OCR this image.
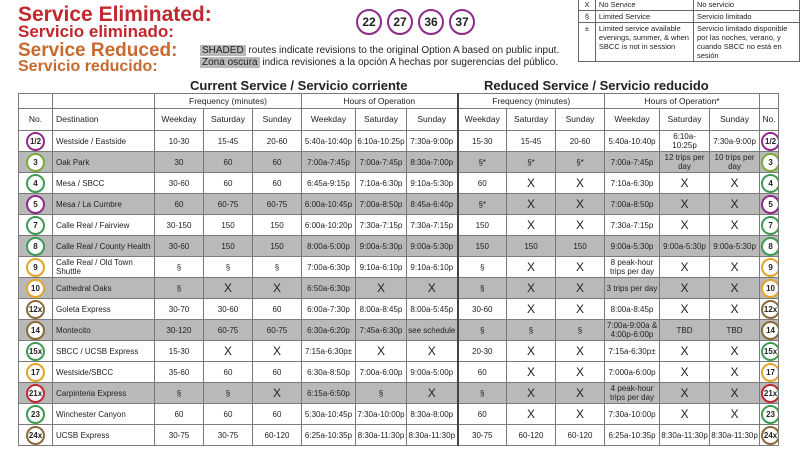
Service Eliminated:
Servicio eliminado:
Service Reduced:
Servicio reducido:
22	27	36	37
SHADED routes indicate revisions to the original Option A based on public input.
Zona oscura indica revisiones a la opción A hechas por sugerencias del público.
X	No Service	No servicio
§	Limited Service	Servicio limitado
±	Limited service available evenings, summer, & when SBCC is not in session	Servicio limitado disponible por las noches, verano, y cuando SBCC no está en sesión
Current Service / Servicio corriente	Reduced Service / Servicio reducido
		Frequency (minutes)			Hours of Operation			Frequency (minutes)			Hours of Operation*			
No.	Destination	Weekday	Saturday	Sunday	Weekday	Saturday	Sunday	Weekday	Saturday	Sunday	Weekday	Saturday	Sunday	No.
1/2	Westside / Eastside	10-30	15-45	20-60	5:40a-10:40p	6:10a-10:25p	7:30a-9:00p	15-30	15-45	20-60	5:40a-10:40p	6:10a-10:25p	7:30a-9:00p	1/2
3	Oak Park	30	60	60	7:00a-7:45p	7:00a-7:45p	8:30a-7:00p	§*	§*	§*	7:00a-7:45p	12 trips per day	10 trips per day	3
4	Mesa / SBCC	30-60	60	60	6:45a-9:15p	7:10a-6:30p	9:10a-5:30p	60	X	X	7:10a-6:30p	X	X	4
5	Mesa / La Cumbre	60	60-75	60-75	6:00a-10:45p	7:00a-8:50p	8:45a-6:40p	§*	X	X	7:00a-8:50p	X	X	5
7	Calle Real / Fairview	30-150	150	150	6:00a-10:20p	7:30a-7:15p	7:30a-7:15p	150	X	X	7:30a-7:15p	X	X	7
8	Calle Real / County Health	30-60	150	150	8:00a-5:00p	9:00a-5:30p	9:00a-5:30p	150	150	150	9:00a-5:30p	9:00a-5:30p	9:00a-5:30p	8
9	Calle Real / Old Town Shuttle	§	§	§	7:00a-6:30p	9:10a-6:10p	9:10a-6:10p	§	X	X	8 peak-hour trips per day	X	X	9
10	Cathedral Oaks	§	X	X	6:50a-6:30p	X	X	§	X	X	3 trips per day	X	X	10
12x	Goleta Express	30-70	30-60	60	6:00a-7:30p	8:00a-8:45p	8:00a-5:45p	30-60	X	X	8:00a-8:45p	X	X	12x
14	Montecito	30-120	60-75	60-75	6:30a-6:20p	7:45a-6:30p	see schedule	§	§	§	7:00a-9:00a & 4:00p-6:00p	TBD	TBD	14
15x	SBCC / UCSB Express	15-30	X	X	7:15a-6:30p±	X	X	20-30	X	X	7:15a-6:30p±	X	X	15x
17	Westside/SBCC	35-60	60	60	6:30a-8:50p	7:00a-6:00p	9:00a-5:00p	60	X	X	7:000a-6:00p	X	X	17
21x	Carpinteria Express	§	§	X	6:15a-6:50p	§	X	§	X	X	4 peak-hour trips per day	X	X	21x
23	Winchester Canyon	60	60	60	5:30a-10:45p	7:30a-10:00p	8:30a-8:00p	60	X	X	7:30a-10:00p	X	X	23
24x	UCSB Express	30-75	30-75	60-120	6:25a-10:35p	8:30a-11:30p	8:30a-11:30p	30-75	60-120	60-120	6:25a-10:35p	8:30a-11:30p	8:30a-11:30p	24x
